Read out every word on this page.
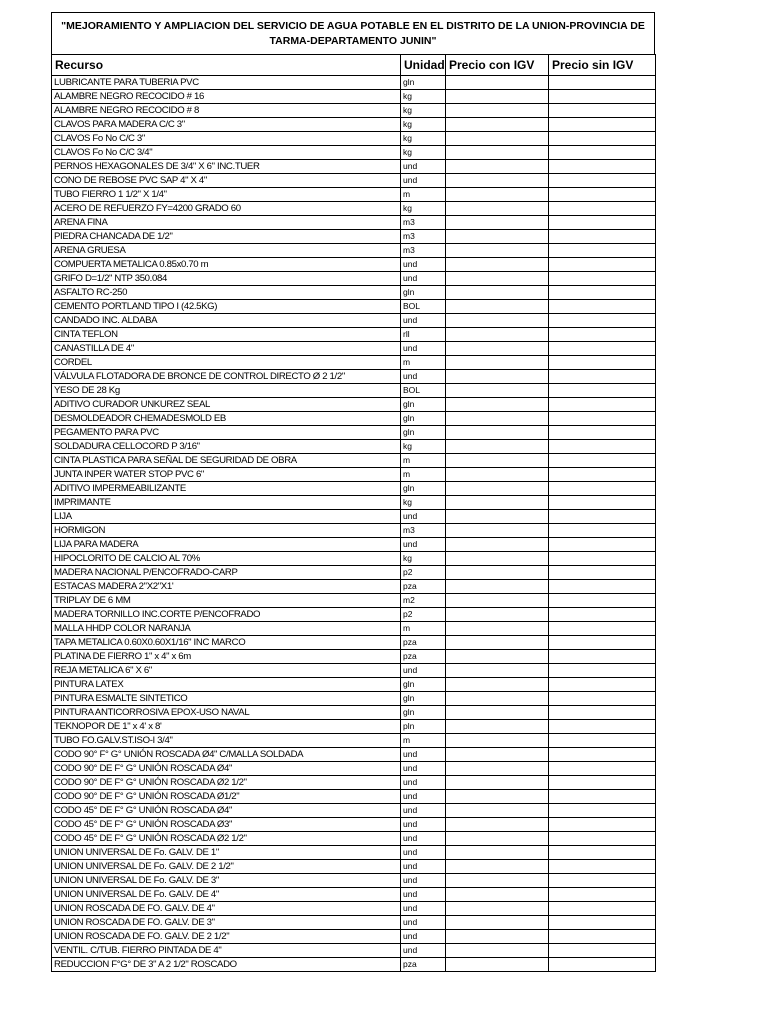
"MEJORAMIENTO Y AMPLIACION DEL SERVICIO DE AGUA POTABLE EN EL DISTRITO DE LA UNION-PROVINCIA DE TARMA-DEPARTAMENTO JUNIN"
Recurso	Unidad	Precio con IGV	Precio sin IGV
LUBRICANTE PARA TUBERIA PVC	gln		
ALAMBRE NEGRO RECOCIDO # 16	kg		
ALAMBRE NEGRO RECOCIDO # 8	kg		
CLAVOS PARA MADERA C/C 3"	kg		
CLAVOS Fo No C/C 3"	kg		
CLAVOS Fo No C/C 3/4"	kg		
PERNOS HEXAGONALES DE 3/4" X 6" INC.TUER	und		
CONO DE REBOSE PVC SAP 4" X 4"	und		
TUBO FIERRO 1 1/2" X 1/4"	m		
ACERO DE REFUERZO FY=4200 GRADO 60	kg		
ARENA FINA	m3		
PIEDRA CHANCADA DE 1/2"	m3		
ARENA GRUESA	m3		
COMPUERTA METALICA 0.85x0.70 m	und		
GRIFO D=1/2" NTP 350.084	und		
ASFALTO RC-250	gln		
CEMENTO PORTLAND TIPO I (42.5KG)	BOL		
CANDADO INC. ALDABA	und		
CINTA TEFLON	rll		
CANASTILLA DE 4"	und		
CORDEL	m		
VÁLVULA FLOTADORA DE BRONCE DE CONTROL DIRECTO Ø 2 1/2"	und		
YESO DE 28 Kg	BOL		
ADITIVO CURADOR UNKUREZ SEAL	gln		
DESMOLDEADOR CHEMADESMOLD EB	gln		
PEGAMENTO PARA PVC	gln		
SOLDADURA CELLOCORD P 3/16"	kg		
CINTA PLASTICA PARA SEÑAL DE SEGURIDAD DE OBRA	m		
JUNTA INPER WATER STOP PVC 6"	m		
ADITIVO IMPERMEABILIZANTE	gln		
IMPRIMANTE	kg		
LIJA	und		
HORMIGON	m3		
LIJA PARA MADERA	und		
HIPOCLORITO DE CALCIO AL 70%	kg		
MADERA NACIONAL P/ENCOFRADO-CARP	p2		
ESTACAS MADERA 2"X2"X1'	pza		
TRIPLAY DE 6 MM	m2		
MADERA TORNILLO INC.CORTE P/ENCOFRADO	p2		
MALLA HHDP COLOR NARANJA	m		
TAPA METALICA 0.60X0.60X1/16" INC MARCO	pza		
PLATINA DE FIERRO 1" x 4" x 6m	pza		
REJA METALICA 6" X 6"	und		
PINTURA LATEX	gln		
PINTURA ESMALTE SINTETICO	gln		
PINTURA ANTICORROSIVA EPOX-USO NAVAL	gln		
TEKNOPOR DE 1" x 4' x 8'	pln		
TUBO FO.GALV.ST.ISO-I 3/4"	m		
CODO 90° F° G° UNIÓN ROSCADA Ø4" C/MALLA SOLDADA	und		
CODO 90° DE F° G° UNIÓN ROSCADA Ø4"	und		
CODO 90° DE F° G° UNIÓN ROSCADA Ø2 1/2"	und		
CODO 90° DE F° G° UNIÓN ROSCADA Ø1/2"	und		
CODO 45° DE F° G° UNIÓN ROSCADA Ø4"	und		
CODO 45° DE F° G° UNIÓN ROSCADA Ø3"	und		
CODO 45° DE F° G° UNIÓN ROSCADA Ø2 1/2"	und		
UNION UNIVERSAL DE Fo. GALV. DE 1"	und		
UNION UNIVERSAL DE Fo. GALV. DE 2 1/2"	und		
UNION UNIVERSAL DE Fo. GALV. DE 3"	und		
UNION UNIVERSAL DE Fo. GALV. DE 4"	und		
UNION ROSCADA DE FO. GALV. DE 4"	und		
UNION ROSCADA DE FO. GALV. DE 3"	und		
UNION ROSCADA DE FO. GALV. DE 2 1/2"	und		
VENTIL. C/TUB. FIERRO PINTADA DE 4"	und		
REDUCCION F°G° DE 3" A 2 1/2" ROSCADO	pza		
